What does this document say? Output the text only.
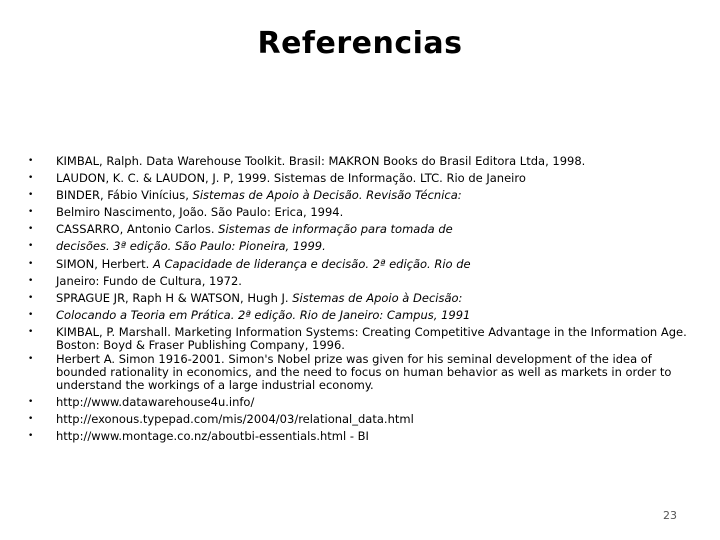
Referencias
•	KIMBAL, Ralph. Data Warehouse Toolkit. Brasil: MAKRON Books do Brasil Editora Ltda, 1998.
•	LAUDON, K. C. & LAUDON, J. P, 1999. Sistemas de Informação. LTC. Rio de Janeiro
•	BINDER, Fábio Vinícius, Sistemas de Apoio à Decisão. Revisão Técnica:
•	Belmiro Nascimento, João. São Paulo: Erica, 1994.
•	CASSARRO, Antonio Carlos. Sistemas de informação para tomada de
•	decisões. 3ª edição. São Paulo: Pioneira, 1999.
•	SIMON, Herbert. A Capacidade de liderança e decisão. 2ª edição. Rio de
•	Janeiro: Fundo de Cultura, 1972.
•	SPRAGUE JR, Raph H & WATSON, Hugh J. Sistemas de Apoio à Decisão:
•	Colocando a Teoria em Prática. 2ª edição. Rio de Janeiro: Campus, 1991
•	KIMBAL, P. Marshall. Marketing Information Systems: Creating Competitive Advantage in the Information Age. Boston: Boyd & Fraser Publishing Company, 1996.
•	Herbert A. Simon 1916-2001. Simon's Nobel prize was given for his seminal development of the idea of bounded rationality in economics, and the need to focus on human behavior as well as markets in order to understand the workings of a large industrial economy.
•	http://www.datawarehouse4u.info/
•	http://exonous.typepad.com/mis/2004/03/relational_data.html
•	http://www.montage.co.nz/aboutbi-essentials.html - BI
23
